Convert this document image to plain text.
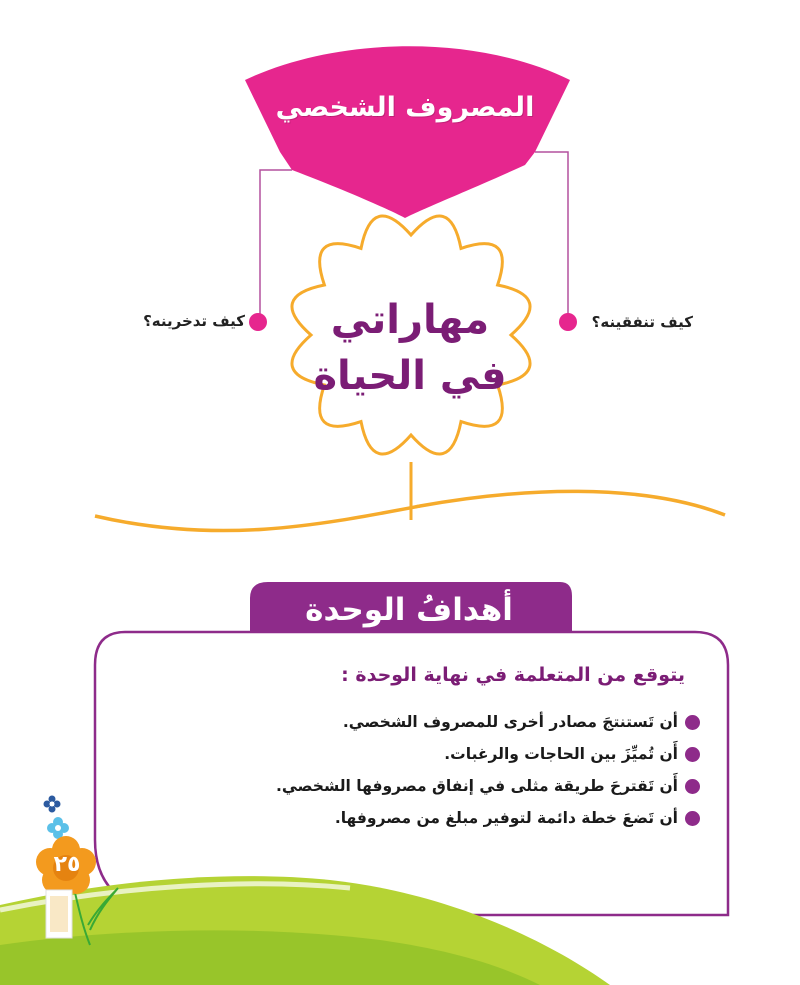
المصروف الشخصي
مهاراتي
في الحياة
كيف تنفقينه؟
كيف تدخرينه؟
أهدافُ الوحدة
يتوقع من المتعلمة في نهاية الوحدة :
أن تَستنتجَ مصادر أخرى للمصروف الشخصي.
أَن تُميِّزَ بين الحاجات والرغبات.
أَن تَقترحَ طريقة مثلى في إنفاق مصروفها الشخصي.
أن تَضعَ خطة دائمة لتوفير مبلغ من مصروفها.
٢٥
